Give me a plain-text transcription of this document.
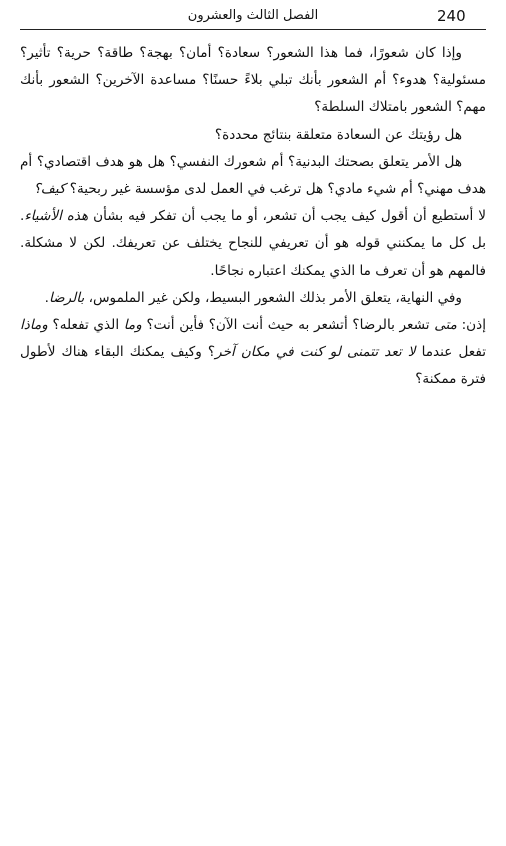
240
الفصل الثالث والعشرون

وإذا كان شعورًا، فما هذا الشعور؟ سعادة؟ أمان؟ بهجة؟ طاقة؟ حرية؟ تأثير؟ مسئولية؟ هدوء؟ أم الشعور بأنك تبلي بلاءً حسنًا؟ مساعدة الآخرين؟ الشعور بأنك مهم؟ الشعور بامتلاك السلطة؟

هل رؤيتك عن السعادة متعلقة بنتائج محددة؟

هل الأمر يتعلق بصحتك البدنية؟ أم شعورك النفسي؟ هل هو هدف اقتصادي؟ أم هدف مهني؟ أم شيء مادي؟ هل ترغب في العمل لدى مؤسسة غير ربحية؟ كيف؟

لا أستطيع أن أقول كيف يجب أن تشعر، أو ما يجب أن تفكر فيه بشأن هذه الأشياء. بل كل ما يمكنني قوله هو أن تعريفي للنجاح يختلف عن تعريفك. لكن لا مشكلة. فالمهم هو أن تعرف ما الذي يمكنك اعتباره نجاحًا.

وفي النهاية، يتعلق الأمر بذلك الشعور البسيط، ولكن غير الملموس، بالرضا.

إذن: متى تشعر بالرضا؟ أتشعر به حيث أنت الآن؟ فأين أنت؟ وما الذي تفعله؟ وماذا تفعل عندما لا تعد تتمنى لو كنت في مكان آخر؟ وكيف يمكنك البقاء هناك لأطول فترة ممكنة؟
